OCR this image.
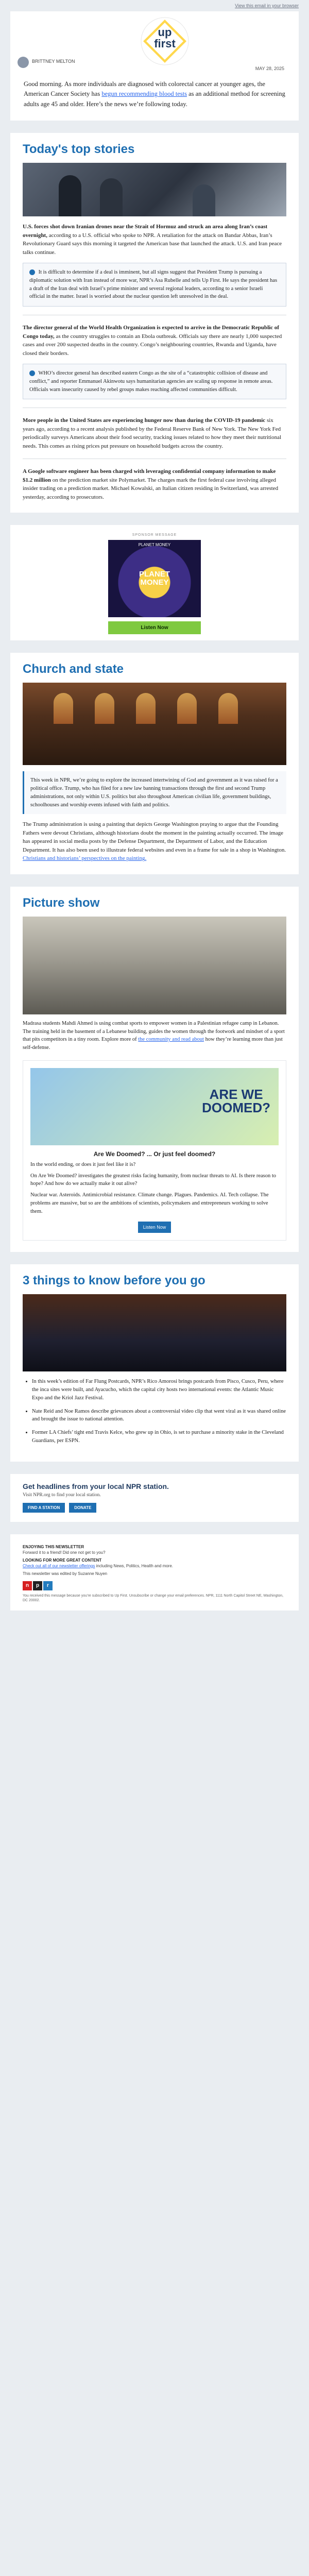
View this email in your browser
up
first
BRITTNEY MELTON
MAY 28, 2025
Good morning. As more individuals are diagnosed with colorectal cancer at younger ages, the American Cancer Society has begun recommending blood tests as an additional method for screening adults age 45 and older. Here’s the news we’re following today.
Today's top stories

U.S. forces shot down Iranian drones near the Strait of Hormuz and struck an area along Iran’s coast overnight, according to a U.S. official who spoke to NPR. A retaliation for the attack on Bandar Abbas, Iran’s Revolutionary Guard says this morning it targeted the American base that launched the attack. U.S. and Iran peace talks continue.

It is difficult to determine if a deal is imminent, but all signs suggest that President Trump is pursuing a diplomatic solution with Iran instead of more war, NPR’s Asa Rubelle and tells Up First. He says the president has a draft of the Iran deal with Israel’s prime minister and several regional leaders, according to a senior Israeli official in the matter. Israel is worried about the nuclear question left unresolved in the deal.

The director general of the World Health Organization is expected to arrive in the Democratic Republic of Congo today, as the country struggles to contain an Ebola outbreak. Officials say there are nearly 1,000 suspected cases and over 200 suspected deaths in the country. Congo’s neighbouring countries, Rwanda and Uganda, have closed their borders.

WHO’s director general has described eastern Congo as the site of a “catastrophic collision of disease and conflict,” and reporter Emmanuel Akinwotu says humanitarian agencies are scaling up response in remote areas. Officials warn insecurity caused by rebel groups makes reaching affected communities difficult.

More people in the United States are experiencing hunger now than during the COVID-19 pandemic six years ago, according to a recent analysis published by the Federal Reserve Bank of New York. The New York Fed periodically surveys Americans about their food security, tracking issues related to how they meet their nutritional needs. This comes as rising prices put pressure on household budgets across the country.

A Google software engineer has been charged with leveraging confidential company information to make $1.2 million on the prediction market site Polymarket. The charges mark the first federal case involving alleged insider trading on a prediction market. Michael Kowalski, an Italian citizen residing in Switzerland, was arrested yesterday, according to prosecutors.

SPONSOR MESSAGE
PLANET MONEY
PLANET
MONEY
Listen Now
Church and state
This week in NPR, we’re going to explore the increased intertwining of God and government as it was raised for a political office. Trump, who has filed for a new law banning transactions through the first and second Trump administrations, not only within U.S. politics but also throughout American civilian life, government buildings, schoolhouses and worship events infused with faith and politics.

The Trump administration is using a painting that depicts George Washington praying to argue that the Founding Fathers were devout Christians, although historians doubt the moment in the painting actually occurred. The image has appeared in social media posts by the Defense Department, the Department of Labor, and the Education Department. It has also been used to illustrate federal websites and even in a frame for sale in a shop in Washington. Christians and historians’ perspectives on the painting.

Picture show

Madrasa students Mahdi Ahmed is using combat sports to empower women in a Palestinian refugee camp in Lebanon. The training held in the basement of a Lebanese building, guides the women through the footwork and mindset of a sport that pits competitors in a tiny room. Explore more of the community and read about how they’re learning more than just self-defense.

ARE WE
DOOMED?
Are We Doomed? ... Or just feel doomed?

In the world ending, or does it just feel like it is?

On Are We Doomed? investigates the greatest risks facing humanity, from nuclear threats to AI. Is there reason to hope? And how do we actually make it out alive?

Nuclear war. Asteroids. Antimicrobial resistance. Climate change. Plagues. Pandemics. AI. Tech collapse. The problems are massive, but so are the ambitions of scientists, policymakers and entrepreneurs working to solve them.

Listen Now
3 things to know before you go
• In this week’s edition of Far Flung Postcards, NPR’s Rico Amorosi brings postcards from Pisco, Cusco, Peru, where the inca sites were built, and Ayacucho, which the capital city hosts two international events: the Atlantic Music Expo and the Kriol Jazz Festival.
• Nate Reid and Noe Ramos describe grievances about a controversial video clip that went viral as it was shared online and brought the issue to national attention.
• Former LA Chiefs’ tight end Travis Kelce, who grew up in Ohio, is set to purchase a minority stake in the Cleveland Guardians, per ESPN.
Get headlines from your local NPR station.
Visit NPR.org to find your local station.
FIND A STATION	DONATE
ENJOYING THIS NEWSLETTER

Forward it to a friend! Did one not get to you?

LOOKING FOR MORE GREAT CONTENT

Check out all of our newsletter offerings including News, Politics, Health and more.

This newsletter was edited by Suzanne Nuyen

n	p	r
You received this message because you’re subscribed to Up First. Unsubscribe or change your email preferences. NPR, 1111 North Capitol Street NE, Washington, DC 20002.
